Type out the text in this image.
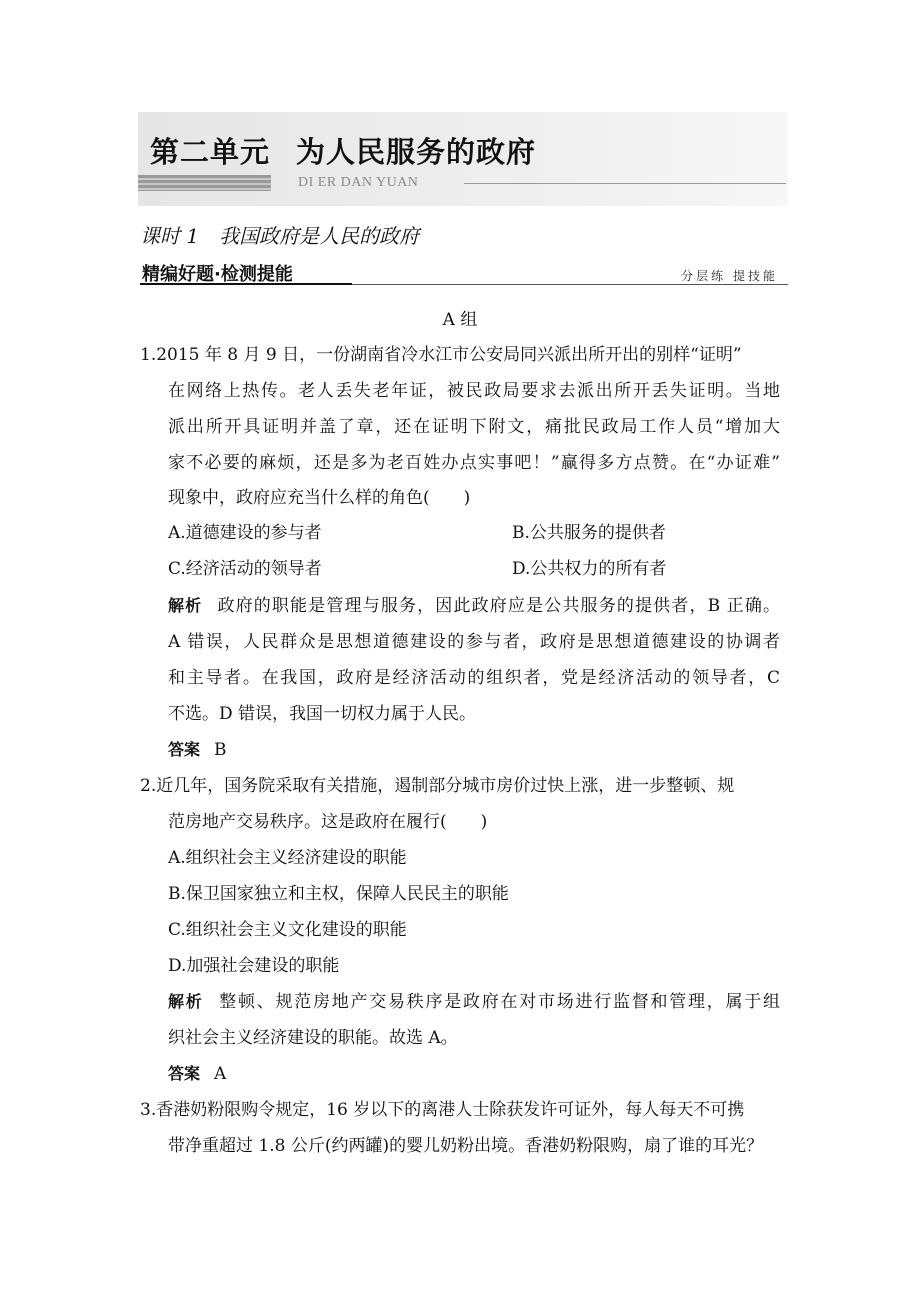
第二单元 为人民服务的政府
DI ER DAN YUAN
课时 1 我国政府是人民的政府
精编好题·检测提能	分层练 提技能
A 组
1.2015 年 8 月 9 日，一份湖南省冷水江市公安局同兴派出所开出的别样“证明”
在网络上热传。老人丢失老年证，被民政局要求去派出所开丢失证明。当地
派出所开具证明并盖了章，还在证明下附文，痛批民政局工作人员“增加大
家不必要的麻烦，还是多为老百姓办点实事吧！”赢得多方点赞。在“办证难”
现象中，政府应充当什么样的角色(　　)
A.道德建设的参与者	B.公共服务的提供者
C.经济活动的领导者	D.公共权力的所有者
解析 政府的职能是管理与服务，因此政府应是公共服务的提供者，B 正确。
A 错误，人民群众是思想道德建设的参与者，政府是思想道德建设的协调者
和主导者。在我国，政府是经济活动的组织者，党是经济活动的领导者，C
不选。D 错误，我国一切权力属于人民。
答案 B
2.近几年，国务院采取有关措施，遏制部分城市房价过快上涨，进一步整顿、规
范房地产交易秩序。这是政府在履行(　　)
A.组织社会主义经济建设的职能
B.保卫国家独立和主权，保障人民民主的职能
C.组织社会主义文化建设的职能
D.加强社会建设的职能
解析 整顿、规范房地产交易秩序是政府在对市场进行监督和管理，属于组
织社会主义经济建设的职能。故选 A。
答案 A
3.香港奶粉限购令规定，16 岁以下的离港人士除获发许可证外，每人每天不可携
带净重超过 1.8 公斤(约两罐)的婴儿奶粉出境。香港奶粉限购，扇了谁的耳光？
